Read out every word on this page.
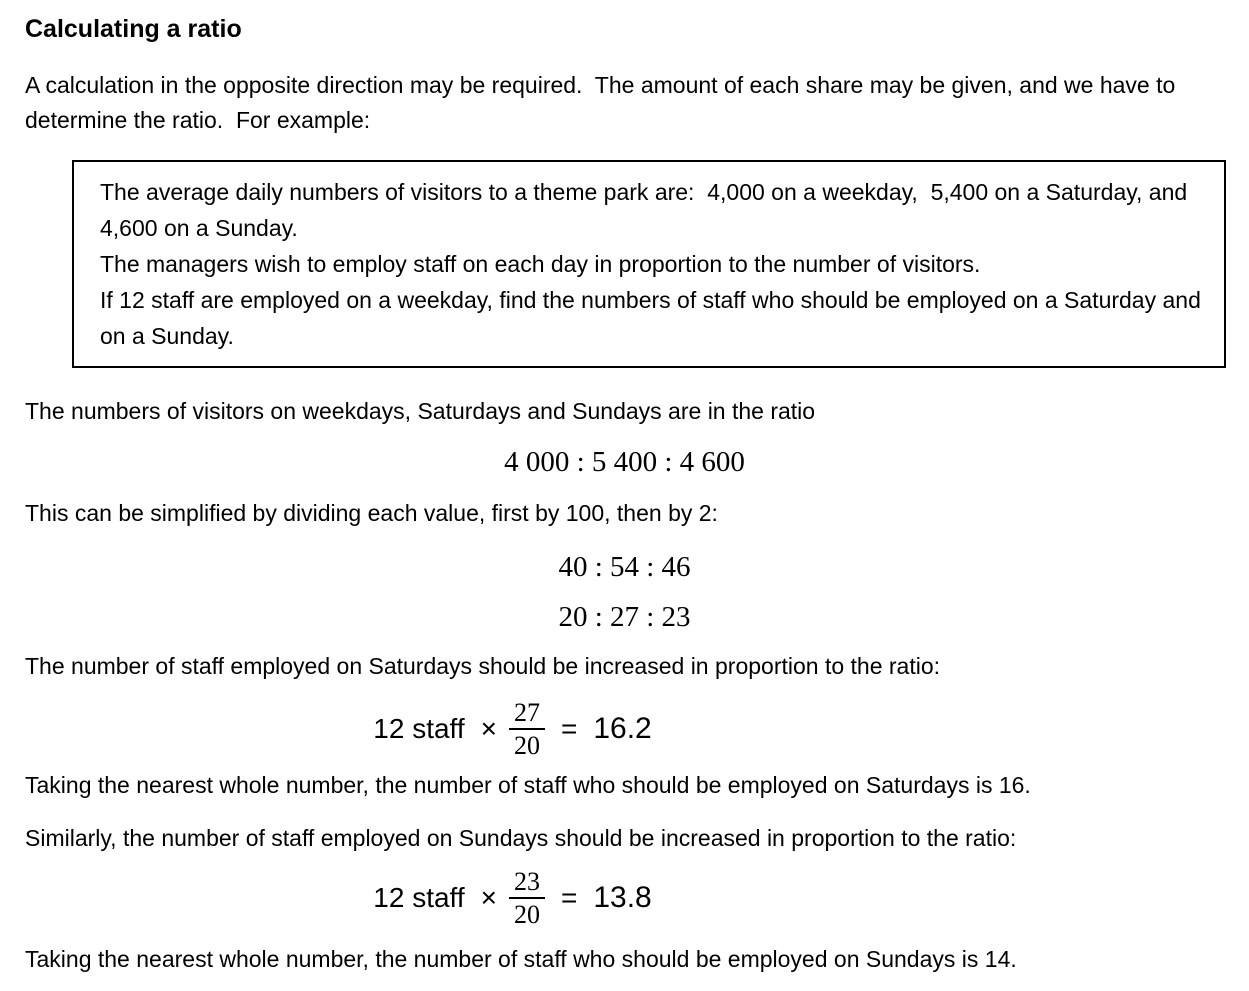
Calculating a ratio

A calculation in the opposite direction may be required.  The amount of each share may be given, and we have to determine the ratio.  For example:

The average daily numbers of visitors to a theme park are:  4,000 on a weekday,  5,400 on a Saturday, and 4,600 on a Sunday.

The managers wish to employ staff on each day in proportion to the number of visitors.

If 12 staff are employed on a weekday, find the numbers of staff who should be employed on a Saturday and on a Sunday.

The numbers of visitors on weekdays, Saturdays and Sundays are in the ratio

4 000 : 5 400 : 4 600

This can be simplified by dividing each value, first by 100, then by 2:

40 : 54 : 46
20 : 27 : 23

The number of staff employed on Saturdays should be increased in proportion to the ratio:

12 staff × $\frac{27}{20} = 16.2$

Taking the nearest whole number, the number of staff who should be employed on Saturdays is 16.

Similarly, the number of staff employed on Sundays should be increased in proportion to the ratio:

12 staff × $\frac{23}{20} = 13.8$

Taking the nearest whole number, the number of staff who should be employed on Sundays is 14.
